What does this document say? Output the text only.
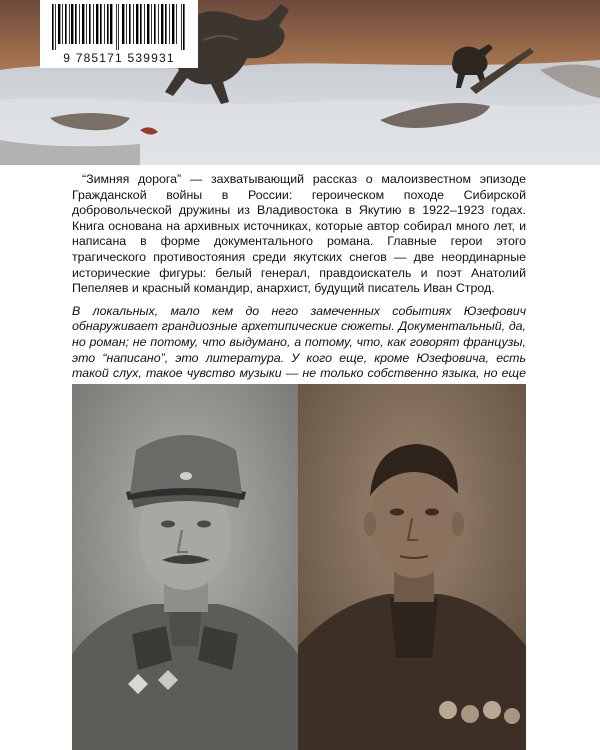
9 785171 539931

“Зимняя дорога” — захватывающий рассказ о малоизвестном эпизоде Гражданской войны в России: героическом походе Сибирской добровольческой дружины из Владивостока в Якутию в 1922–1923 годах. Книга основана на архивных источниках, которые автор собирал много лет, и написана в форме документального романа. Главные герои этого трагического противостояния среди якутских снегов — две неординарные исторические фигуры: белый генерал, правдоискатель и поэт Анатолий Пепеляев и красный командир, анархист, будущий писатель Иван Строд.

В локальных, мало кем до него замеченных событиях Юзефович обнаруживает грандиозные архетипические сюжеты. Документальный, да, но роман; не потому, что выдумано, а потому, что, как говорят французы, это “написано”, это литература. У кого еще, кроме Юзефовича, есть такой слух, такое чувство музыки — не только собственно языка, но еще
